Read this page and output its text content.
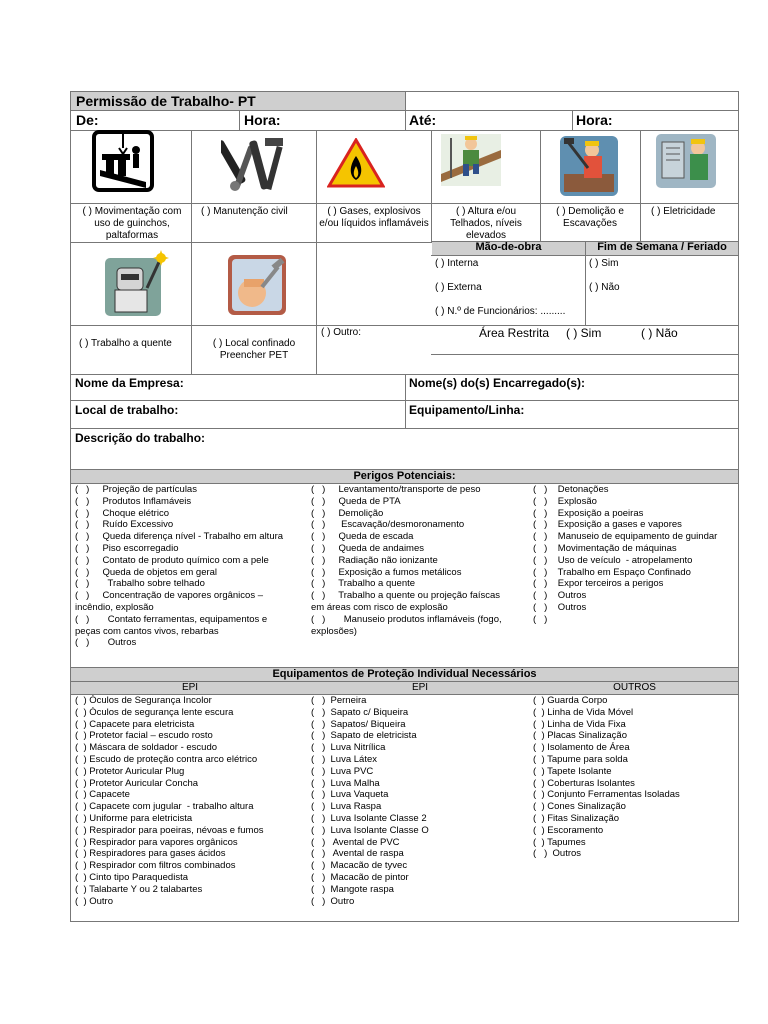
Permissão de Trabalho- PT
De:	Hora:	Até:	Hora:
( ) Movimentação com uso de guinchos, paltaformas
( ) Manutenção civil	( ) Gases, explosivos e/ou líquidos inflamáveis
( ) Altura e/ou Telhados, níveis elevados
( ) Demolição e Escavações
( ) Eletricidade
Mão-de-obra	Fim de Semana / Feriado
( ) Interna
( ) Externa
( ) N.º de Funcionários: .........
( ) Sim
( ) Não
( ) Trabalho a quente	( ) Local confinado Preencher PET
( ) Outro:	Área Restrita ( ) Sim	( ) Não
Nome da Empresa:	Nome(s) do(s) Encarregado(s):
Local de trabalho:	Equipamento/Linha:
Descrição do trabalho:
Perigos Potenciais:
(   )     Projeção de partículas
(   )     Produtos Inflamáveis
(   )     Choque elétrico
(   )     Ruído Excessivo
(   )     Queda diferença nível - Trabalho em altura
(   )     Piso escorregadio
(   )     Contato de produto químico com a pele
(   )     Queda de objetos em geral
(   )       Trabalho sobre telhado
(   )     Concentração de vapores orgânicos –
incêndio, explosão
(   )       Contato ferramentas, equipamentos e
peças com cantos vivos, rebarbas
(   )       Outros
(   )     Levantamento/transporte de peso
(   )     Queda de PTA
(   )     Demolição
(   )      Escavação/desmoronamento
(   )     Queda de escada
(   )     Queda de andaimes
(   )     Radiação não ionizante
(   )     Exposição a fumos metálicos
(   )     Trabalho a quente
(   )     Trabalho a quente ou projeção faíscas
em áreas com risco de explosão
(   )       Manuseio produtos inflamáveis (fogo,
explosões)
(   )    Detonações
(   )    Explosão
(   )    Exposição a poeiras
(   )    Exposição a gases e vapores
(   )    Manuseio de equipamento de guindar
(   )    Movimentação de máquinas
(   )    Uso de veículo  - atropelamento
(   )    Trabalho em Espaço Confinado
(   )    Expor terceiros a perigos
(   )    Outros
(   )    Outros
(   )
Equipamentos de Proteção Individual Necessários
EPI	EPI	OUTROS
(  ) Óculos de Segurança Incolor
(  ) Óculos de segurança lente escura
(  ) Capacete para eletricista
(  ) Protetor facial – escudo rosto
(  ) Máscara de soldador - escudo
(  ) Escudo de proteção contra arco elétrico
(  ) Protetor Auricular Plug
(  ) Protetor Auricular Concha
(  ) Capacete
(  ) Capacete com jugular  - trabalho altura
(  ) Uniforme para eletricista
(  ) Respirador para poeiras, névoas e fumos
(  ) Respirador para vapores orgânicos
(  ) Respiradores para gases ácidos
(  ) Respirador com filtros combinados
(  ) Cinto tipo Paraquedista
(  ) Talabarte Y ou 2 talabartes
(  ) Outro
(   )  Perneira
(   )  Sapato c/ Biqueira
(   )  Sapatos/ Biqueira
(   )  Sapato de eletricista
(   )  Luva Nitrílica
(   )  Luva Látex
(   )  Luva PVC
(   )  Luva Malha
(   )  Luva Vaqueta
(   )  Luva Raspa
(   )  Luva Isolante Classe 2
(   )  Luva Isolante Classe O
(   )   Avental de PVC
(   )   Avental de raspa
(   )  Macacão de tyvec
(   )  Macacão de pintor
(   )  Mangote raspa
(   )  Outro
(  ) Guarda Corpo
(  ) Linha de Vida Móvel
(  ) Linha de Vida Fixa
(  ) Placas Sinalização
(  ) Isolamento de Área
(  ) Tapume para solda
(  ) Tapete Isolante
(  ) Coberturas Isolantes
(  ) Conjunto Ferramentas Isoladas
(  ) Cones Sinalização
(  ) Fitas Sinalização
(  ) Escoramento
(  ) Tapumes
(   )  Outros
